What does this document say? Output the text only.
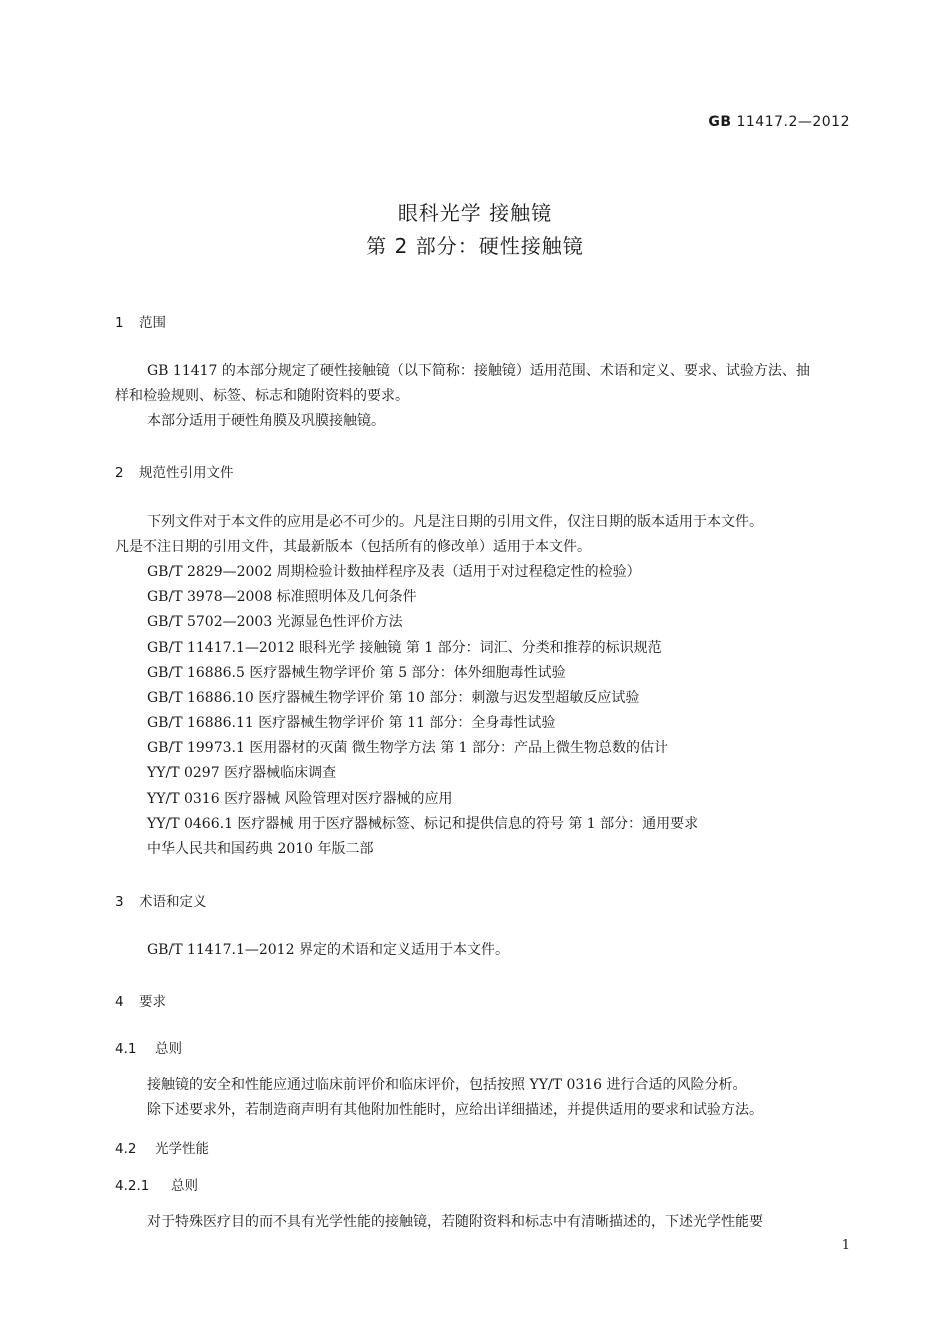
GB 11417.2—2012
眼科光学 接触镜
第 2 部分：硬性接触镜
1 范围
GB 11417 的本部分规定了硬性接触镜（以下简称：接触镜）适用范围、术语和定义、要求、试验方法、抽
样和检验规则、标签、标志和随附资料的要求。
本部分适用于硬性角膜及巩膜接触镜。
2 规范性引用文件
下列文件对于本文件的应用是必不可少的。凡是注日期的引用文件，仅注日期的版本适用于本文件。
凡是不注日期的引用文件，其最新版本（包括所有的修改单）适用于本文件。
GB/T 2829—2002 周期检验计数抽样程序及表（适用于对过程稳定性的检验）
GB/T 3978—2008 标准照明体及几何条件
GB/T 5702—2003 光源显色性评价方法
GB/T 11417.1—2012 眼科光学 接触镜 第 1 部分：词汇、分类和推荐的标识规范
GB/T 16886.5 医疗器械生物学评价 第 5 部分：体外细胞毒性试验
GB/T 16886.10 医疗器械生物学评价 第 10 部分：刺激与迟发型超敏反应试验
GB/T 16886.11 医疗器械生物学评价 第 11 部分：全身毒性试验
GB/T 19973.1 医用器材的灭菌 微生物学方法 第 1 部分：产品上微生物总数的估计
YY/T 0297 医疗器械临床调查
YY/T 0316 医疗器械 风险管理对医疗器械的应用
YY/T 0466.1 医疗器械 用于医疗器械标签、标记和提供信息的符号 第 1 部分：通用要求
中华人民共和国药典 2010 年版二部
3 术语和定义
GB/T 11417.1—2012 界定的术语和定义适用于本文件。
4 要求
4.1 总则
接触镜的安全和性能应通过临床前评价和临床评价，包括按照 YY/T 0316 进行合适的风险分析。
除下述要求外，若制造商声明有其他附加性能时，应给出详细描述，并提供适用的要求和试验方法。
4.2 光学性能
4.2.1 总则
对于特殊医疗目的而不具有光学性能的接触镜，若随附资料和标志中有清晰描述的，下述光学性能要
1
